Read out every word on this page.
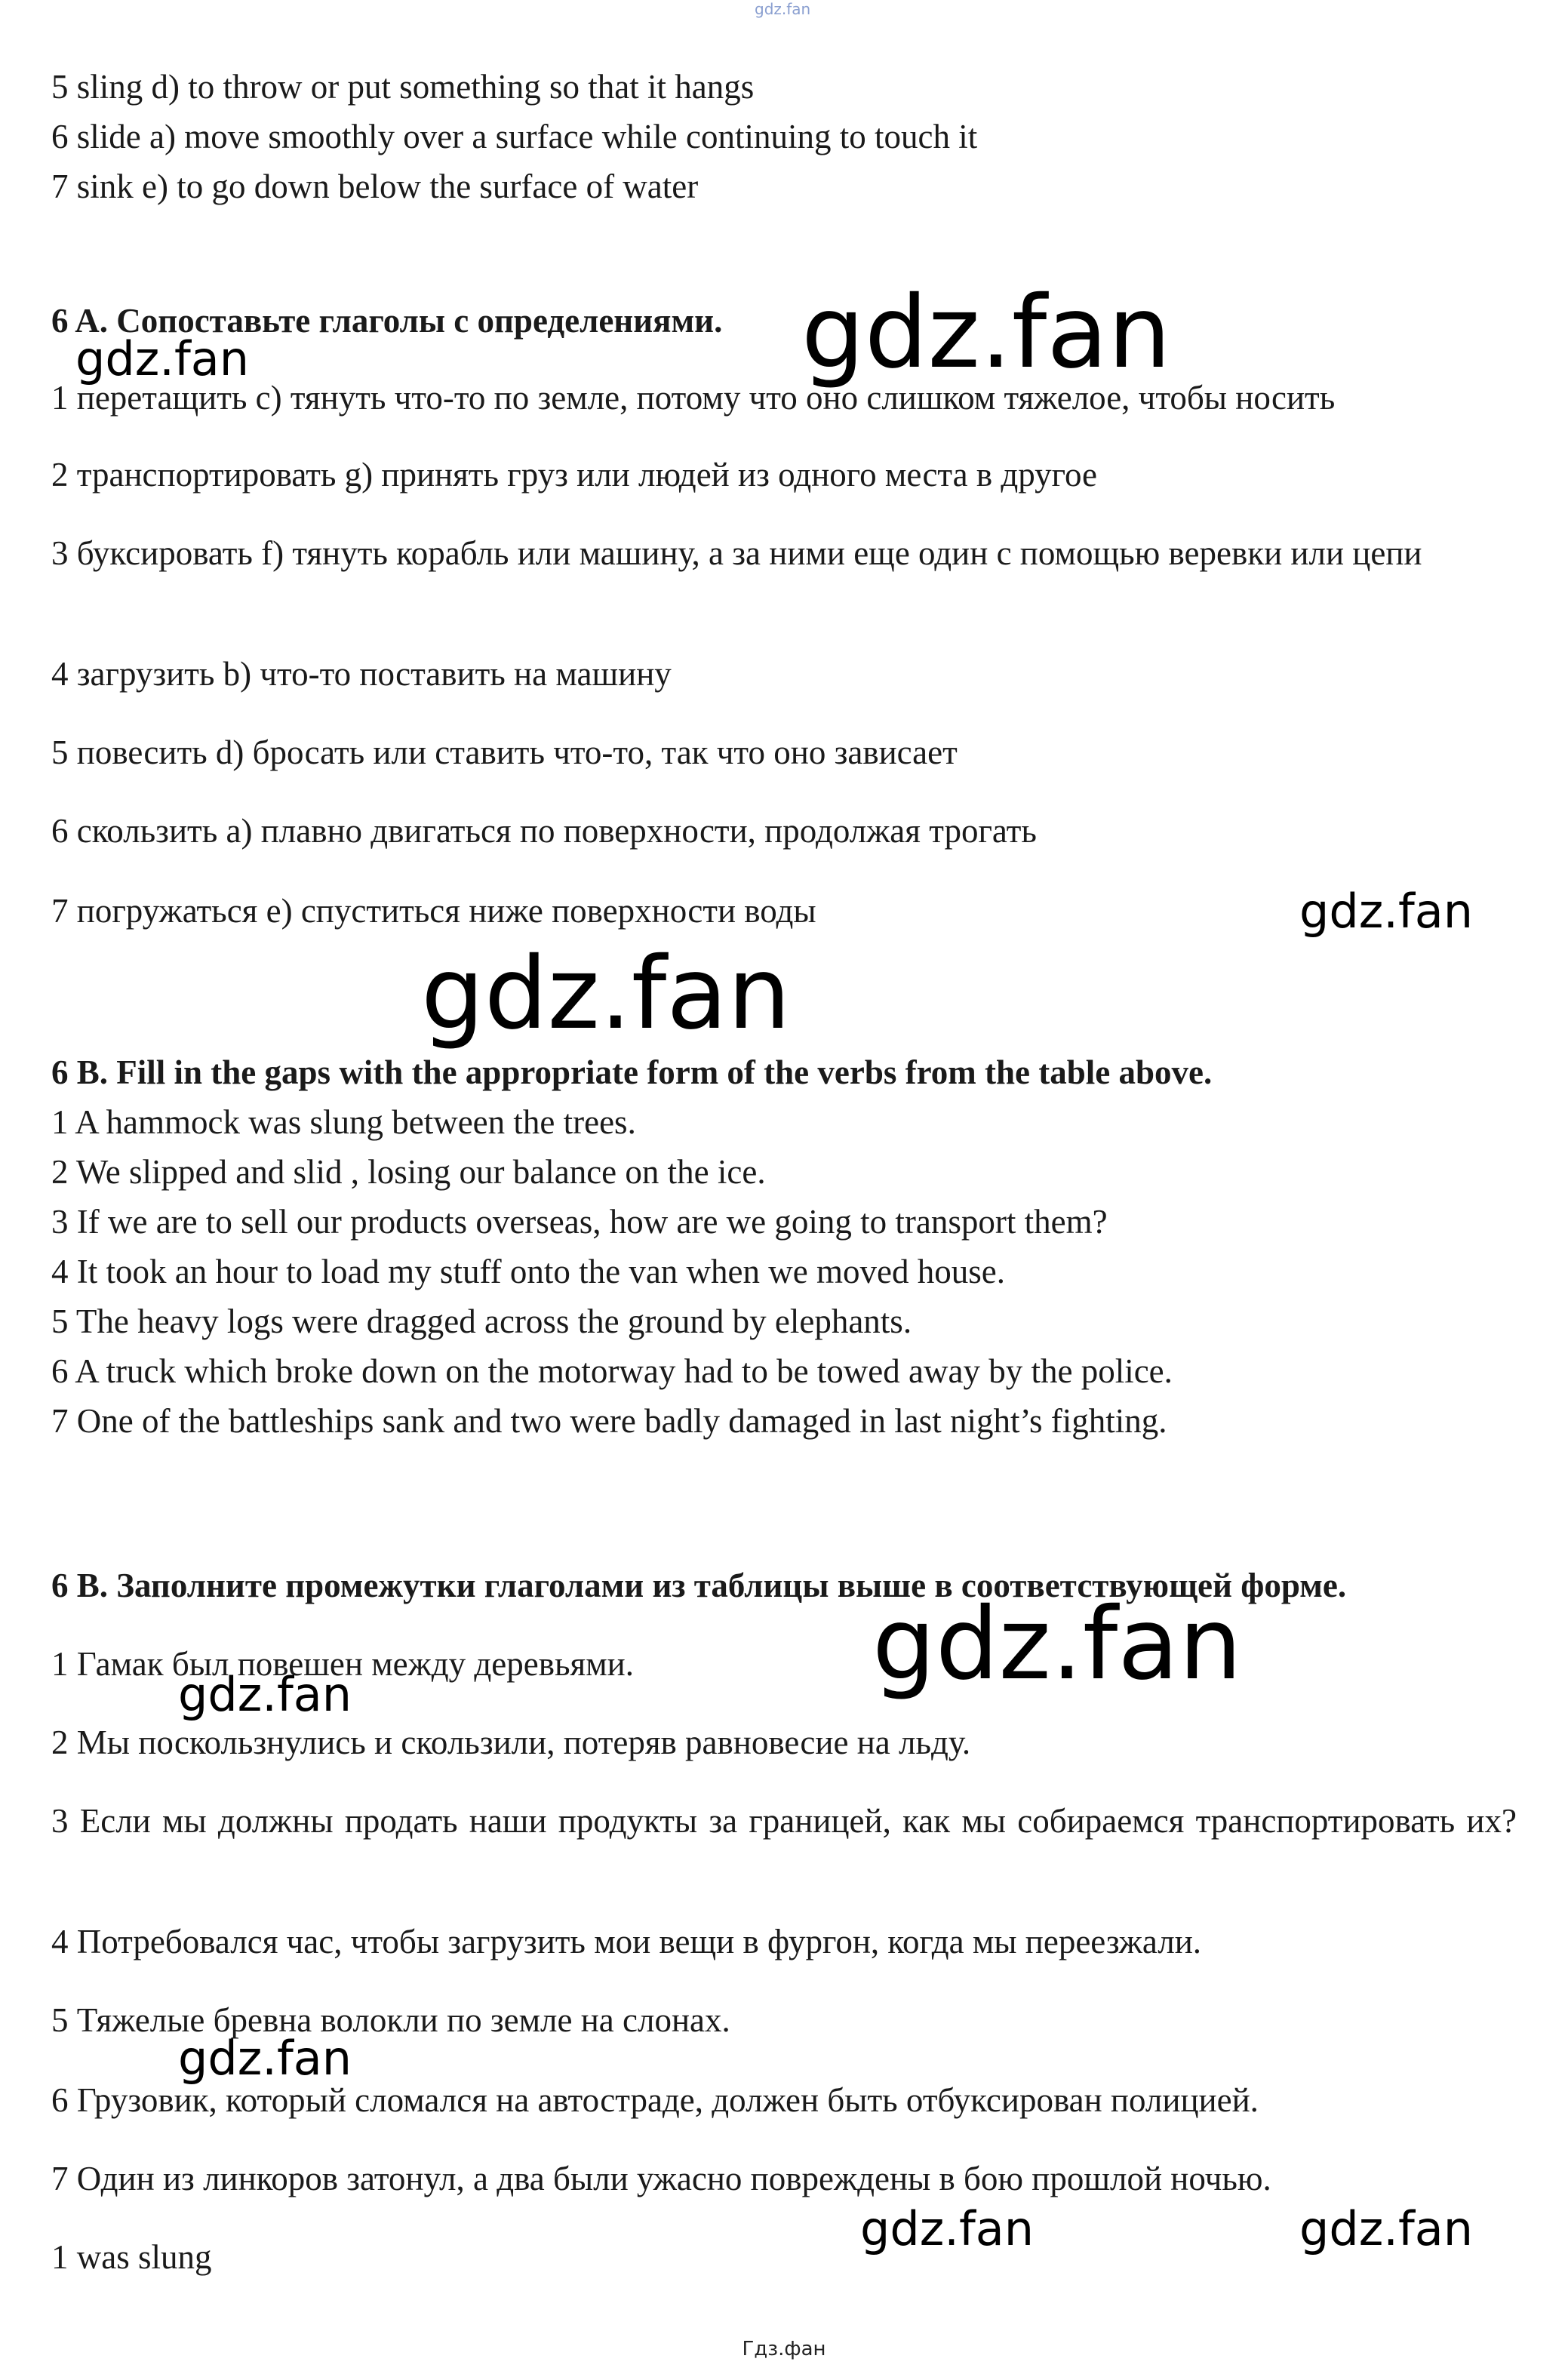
gdz.fan
5 sling d) to throw or put something so that it hangs
6 slide a) move smoothly over a surface while continuing to touch it
7 sink e) to go down below the surface of water
6 A. Сопоставьте глаголы с определениями.
1 перетащить c) тянуть что-то по земле, потому что оно слишком тяжелое, чтобы носить
2 транспортировать g) принять груз или людей из одного места в другое
3 буксировать f) тянуть корабль или машину, а за ними еще один с помощью веревки или цепи
4 загрузить b) что-то поставить на машину
5 повесить d) бросать или ставить что-то, так что оно зависает
6 скользить a) плавно двигаться по поверхности, продолжая трогать
7 погружаться e) спуститься ниже поверхности воды
6 B. Fill in the gaps with the appropriate form of the verbs from the table above.
1 A hammock was slung between the trees.
2 We slipped and slid , losing our balance on the ice.
3 If we are to sell our products overseas, how are we going to transport them?
4 It took an hour to load my stuff onto the van when we moved house.
5 The heavy logs were dragged across the ground by elephants.
6 A truck which broke down on the motorway had to be towed away by the police.
7 One of the battleships sank and two were badly damaged in last night’s fighting.
6 B. Заполните промежутки глаголами из таблицы выше в соответствующей форме.
1 Гамак был повешен между деревьями.
2 Мы поскользнулись и скользили, потеряв равновесие на льду.
3 Если мы должны продать наши продукты за границей, как мы собираемся транспортировать их?
4 Потребовался час, чтобы загрузить мои вещи в фургон, когда мы переезжали.
5 Тяжелые бревна волокли по земле на слонах.
6 Грузовик, который сломался на автостраде, должен быть отбуксирован полицией.
7 Один из линкоров затонул, а два были ужасно повреждены в бою прошлой ночью.
1 was slung
gdz.fan
gdz.fan
gdz.fan
gdz.fan
gdz.fan
gdz.fan
gdz.fan
gdz.fan	gdz.fan
Гдз.фан
